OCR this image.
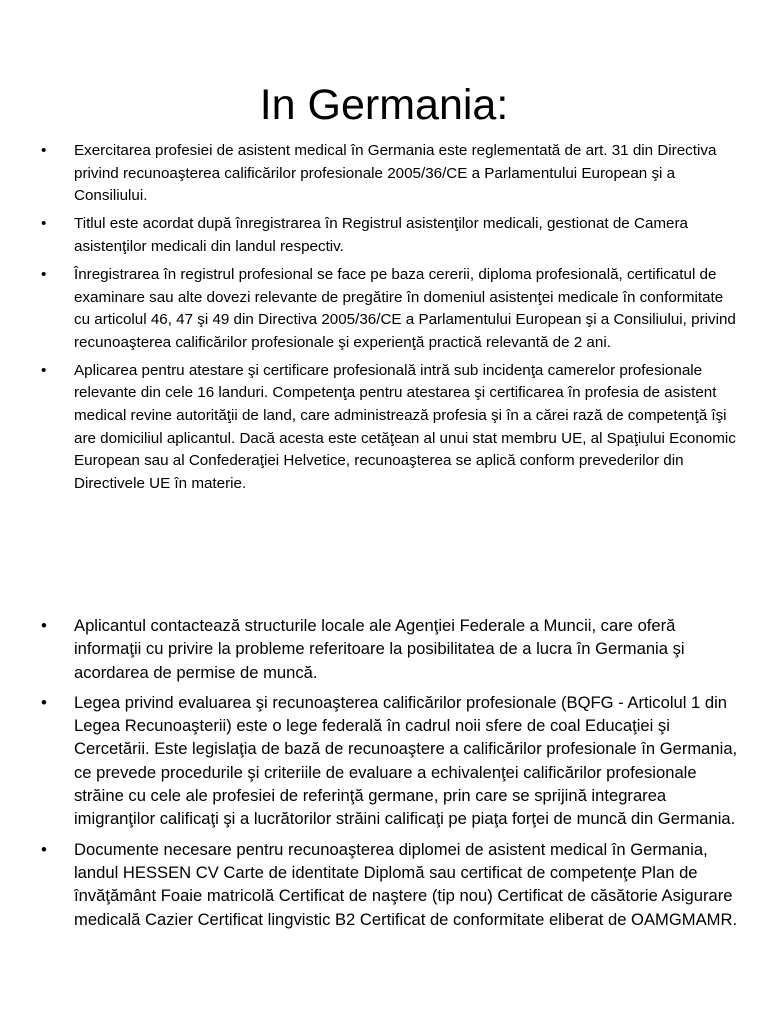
In Germania:
• Exercitarea profesiei de asistent medical în Germania este reglementată de art. 31 din Directiva privind recunoaşterea calificărilor profesionale 2005/36/CE a Parlamentului European şi a Consiliului.
• Titlul este acordat după înregistrarea în Registrul asistenţilor medicali, gestionat de Camera asistenţilor medicali din landul respectiv.
• Înregistrarea în registrul profesional se face pe baza cererii, diploma profesională, certificatul de examinare sau alte dovezi relevante de pregătire în domeniul asistenţei medicale în conformitate cu articolul 46, 47 şi 49 din Directiva 2005/36/CE a Parlamentului European şi a Consiliului, privind recunoaşterea calificărilor profesionale şi experienţă practică relevantă de 2 ani.
• Aplicarea pentru atestare şi certificare profesională intră sub incidenţa camerelor profesionale relevante din cele 16 landuri. Competenţa pentru atestarea şi certificarea în profesia de asistent medical revine autorităţii de land, care administrează profesia şi în a cărei rază de competenţă îşi are domiciliul aplicantul. Dacă acesta este cetăţean al unui stat membru UE, al Spaţiului Economic European sau al Confederaţiei Helvetice, recunoaşterea se aplică conform prevederilor din Directivele UE în materie.
• Aplicantul contactează structurile locale ale Agenţiei Federale a Muncii, care oferă informaţii cu privire la probleme referitoare la posibilitatea de a lucra în Germania şi acordarea de permise de muncă.
• Legea privind evaluarea şi recunoaşterea calificărilor profesionale (BQFG - Articolul 1 din Legea Recunoaşterii) este o lege federală în cadrul noii sfere de coal Educaţiei şi Cercetării. Este legislaţia de bază de recunoaştere a calificărilor profesionale în Germania, ce prevede procedurile şi criteriile de evaluare a echivalenţei calificărilor profesionale străine cu cele ale profesiei de referinţă germane, prin care se sprijină integrarea imigranţilor calificaţi şi a lucrătorilor străini calificaţi pe piaţa forţei de muncă din Germania.
• Documente necesare pentru recunoaşterea diplomei de asistent medical în Germania, landul HESSEN CV Carte de identitate Diplomă sau certificat de competenţe Plan de învăţământ Foaie matricolă Certificat de naştere (tip nou) Certificat de căsătorie Asigurare medicală Cazier Certificat lingvistic B2 Certificat de conformitate eliberat de OAMGMAMR.
